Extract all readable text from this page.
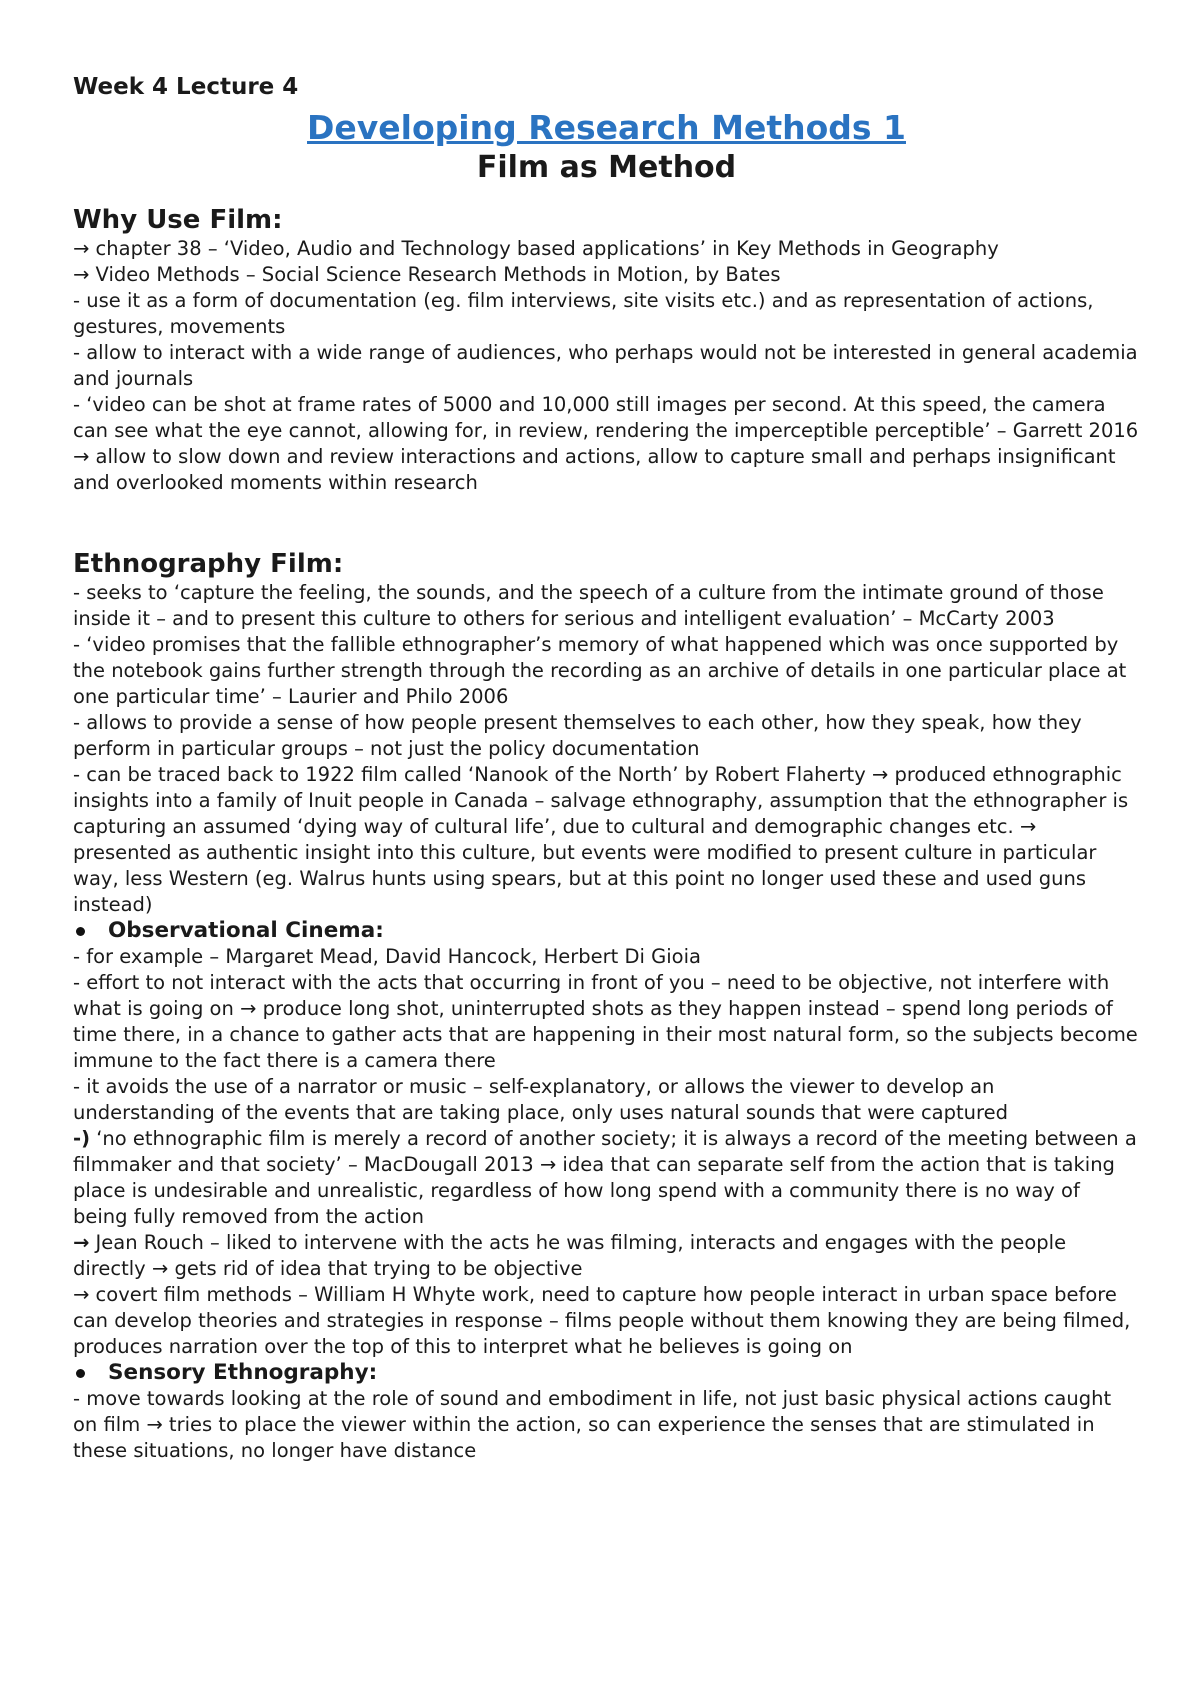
Week 4 Lecture 4

Developing Research Methods 1
Film as Method
Why Use Film:

→ chapter 38 – ‘Video, Audio and Technology based applications’ in Key Methods in Geography

→ Video Methods – Social Science Research Methods in Motion, by Bates

- use it as a form of documentation (eg. film interviews, site visits etc.) and as representation of actions, gestures, movements

- allow to interact with a wide range of audiences, who perhaps would not be interested in general academia and journals

- ‘video can be shot at frame rates of 5000 and 10,000 still images per second. At this speed, the camera can see what the eye cannot, allowing for, in review, rendering the imperceptible perceptible’ – Garrett 2016 → allow to slow down and review interactions and actions, allow to capture small and perhaps insignificant and overlooked moments within research

Ethnography Film:

- seeks to ‘capture the feeling, the sounds, and the speech of a culture from the intimate ground of those inside it – and to present this culture to others for serious and intelligent evaluation’ – McCarty 2003

- ‘video promises that the fallible ethnographer’s memory of what happened which was once supported by the notebook gains further strength through the recording as an archive of details in one particular place at one particular time’ – Laurier and Philo 2006

- allows to provide a sense of how people present themselves to each other, how they speak, how they perform in particular groups – not just the policy documentation

- can be traced back to 1922 film called ‘Nanook of the North’ by Robert Flaherty → produced ethnographic insights into a family of Inuit people in Canada – salvage ethnography, assumption that the ethnographer is capturing an assumed ‘dying way of cultural life’, due to cultural and demographic changes etc. → presented as authentic insight into this culture, but events were modified to present culture in particular way, less Western (eg. Walrus hunts using spears, but at this point no longer used these and used guns instead)

Observational Cinema:

- for example – Margaret Mead, David Hancock, Herbert Di Gioia

- effort to not interact with the acts that occurring in front of you – need to be objective, not interfere with what is going on → produce long shot, uninterrupted shots as they happen instead – spend long periods of time there, in a chance to gather acts that are happening in their most natural form, so the subjects become immune to the fact there is a camera there

- it avoids the use of a narrator or music – self-explanatory, or allows the viewer to develop an understanding of the events that are taking place, only uses natural sounds that were captured

-) ‘no ethnographic film is merely a record of another society; it is always a record of the meeting between a filmmaker and that society’ – MacDougall 2013 → idea that can separate self from the action that is taking place is undesirable and unrealistic, regardless of how long spend with a community there is no way of being fully removed from the action

→ Jean Rouch – liked to intervene with the acts he was filming, interacts and engages with the people directly → gets rid of idea that trying to be objective

→ covert film methods – William H Whyte work, need to capture how people interact in urban space before can develop theories and strategies in response – films people without them knowing they are being filmed, produces narration over the top of this to interpret what he believes is going on

Sensory Ethnography:

- move towards looking at the role of sound and embodiment in life, not just basic physical actions caught on film → tries to place the viewer within the action, so can experience the senses that are stimulated in these situations, no longer have distance
